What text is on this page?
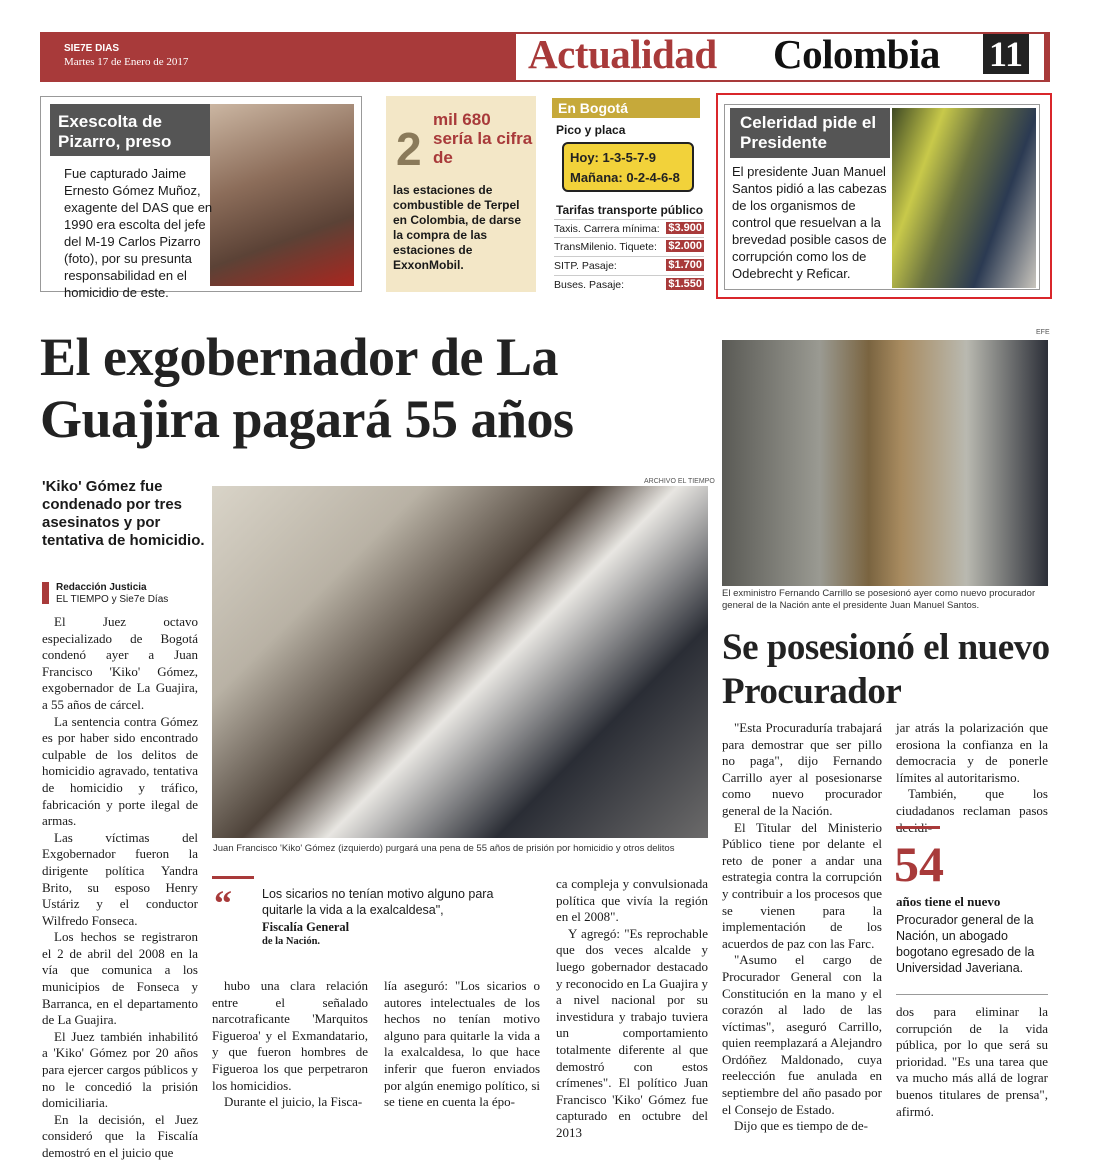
SIE7E DIAS
Martes 17 de Enero de 2017	Actualidad Colombia 11
Exescolta de Pizarro, preso
Fue capturado Jaime Ernesto Gómez Muñoz, exagente del DAS que en 1990 era escolta del jefe del M-19 Carlos Pizarro (foto), por su presunta responsabilidad en el homicidio de este.
2
mil 680 sería la cifra de
las estaciones de combustible de Terpel en Colombia, de darse la compra de las estaciones de ExxonMobil.
En Bogotá
Pico y placa
Hoy: 1-3-5-7-9
Mañana: 0-2-4-6-8
Tarifas transporte público
Taxis. Carrera mínima: $3.900
TransMilenio. Tiquete: $2.000
SITP. Pasaje:	$1.700
Buses. Pasaje:	$1.550
Celeridad pide el Presidente
El presidente Juan Manuel Santos pidió a las cabezas de los organismos de control que resuelvan a la brevedad posible casos de corrupción como los de Odebrecht y Reficar.
El exgobernador de La Guajira pagará 55 años
'Kiko' Gómez fue condenado por tres asesinatos y por tentativa de homicidio.
Redacción Justicia
EL TIEMPO y Sie7e Días
ARCHIVO EL TIEMPO
Juan Francisco 'Kiko' Gómez (izquierdo) purgará una pena de 55 años de prisión por homicidio y otros delitos

El Juez octavo especializado de Bogotá condenó ayer a Juan Francisco 'Kiko' Gómez, exgobernador de La Guajira, a 55 años de cárcel.

La sentencia contra Gómez es por haber sido encontrado culpable de los delitos de homicidio agravado, tentativa de homicidio y tráfico, fabricación y porte ilegal de armas.

Las víctimas del Exgobernador fueron la dirigente política Yandra Brito, su esposo Henry Ustáriz y el conductor Wilfredo Fonseca.

Los hechos se registraron el 2 de abril del 2008 en la vía que comunica a los municipios de Fonseca y Barranca, en el departamento de La Guajira.

El Juez también inhabilitó a 'Kiko' Gómez por 20 años para ejercer cargos públicos y no le concedió la prisión domiciliaria.

En la decisión, el Juez consideró que la Fiscalía demostró en el juicio que

“ Los sicarios no tenían motivo alguno para quitarle la vida a la exalcaldesa",
Fiscalía General
de la Nación.

hubo una clara relación entre el señalado narcotraficante 'Marquitos Figueroa' y el Exmandatario, y que fueron hombres de Figueroa los que perpetraron los homicidios.

Durante el juicio, la Fisca-

lía aseguró: "Los sicarios o autores intelectuales de los hechos no tenían motivo alguno para quitarle la vida a la exalcaldesa, lo que hace inferir que fueron enviados por algún enemigo político, si se tiene en cuenta la épo-

ca compleja y convulsionada política que vivía la región en el 2008".

Y agregó: "Es reprochable que dos veces alcalde y luego gobernador destacado y reconocido en La Guajira y a nivel nacional por su investidura y trabajo tuviera un comportamiento totalmente diferente al que demostró con estos crímenes". El político Juan Francisco 'Kiko' Gómez fue capturado en octubre del 2013

EFE
El exministro Fernando Carrillo se posesionó ayer como nuevo procurador general de la Nación ante el presidente Juan Manuel Santos.
Se posesionó el nuevo Procurador

"Esta Procuraduría trabajará para demostrar que ser pillo no paga", dijo Fernando Carrillo ayer al posesionarse como nuevo procurador general de la Nación.

El Titular del Ministerio Público tiene por delante el reto de poner a andar una estrategia contra la corrupción y contribuir a los procesos que se vienen para la implementación de los acuerdos de paz con las Farc.

"Asumo el cargo de Procurador General con la Constitución en la mano y el corazón al lado de las víctimas", aseguró Carrillo, quien reemplazará a Alejandro Ordóñez Maldonado, cuya reelección fue anulada en septiembre del año pasado por el Consejo de Estado.

Dijo que es tiempo de de-

jar atrás la polarización que erosiona la confianza en la democracia y de ponerle límites al autoritarismo.

También, que los ciudadanos reclaman pasos

54
años tiene el nuevo
Procurador general de la Nación, un abogado bogotano egresado de la Universidad Javeriana.

dos para eliminar la corrupción de la vida pública, por lo que será su prioridad. "Es una tarea que va mucho más allá de lograr buenos titulares de prensa", afirmó.
